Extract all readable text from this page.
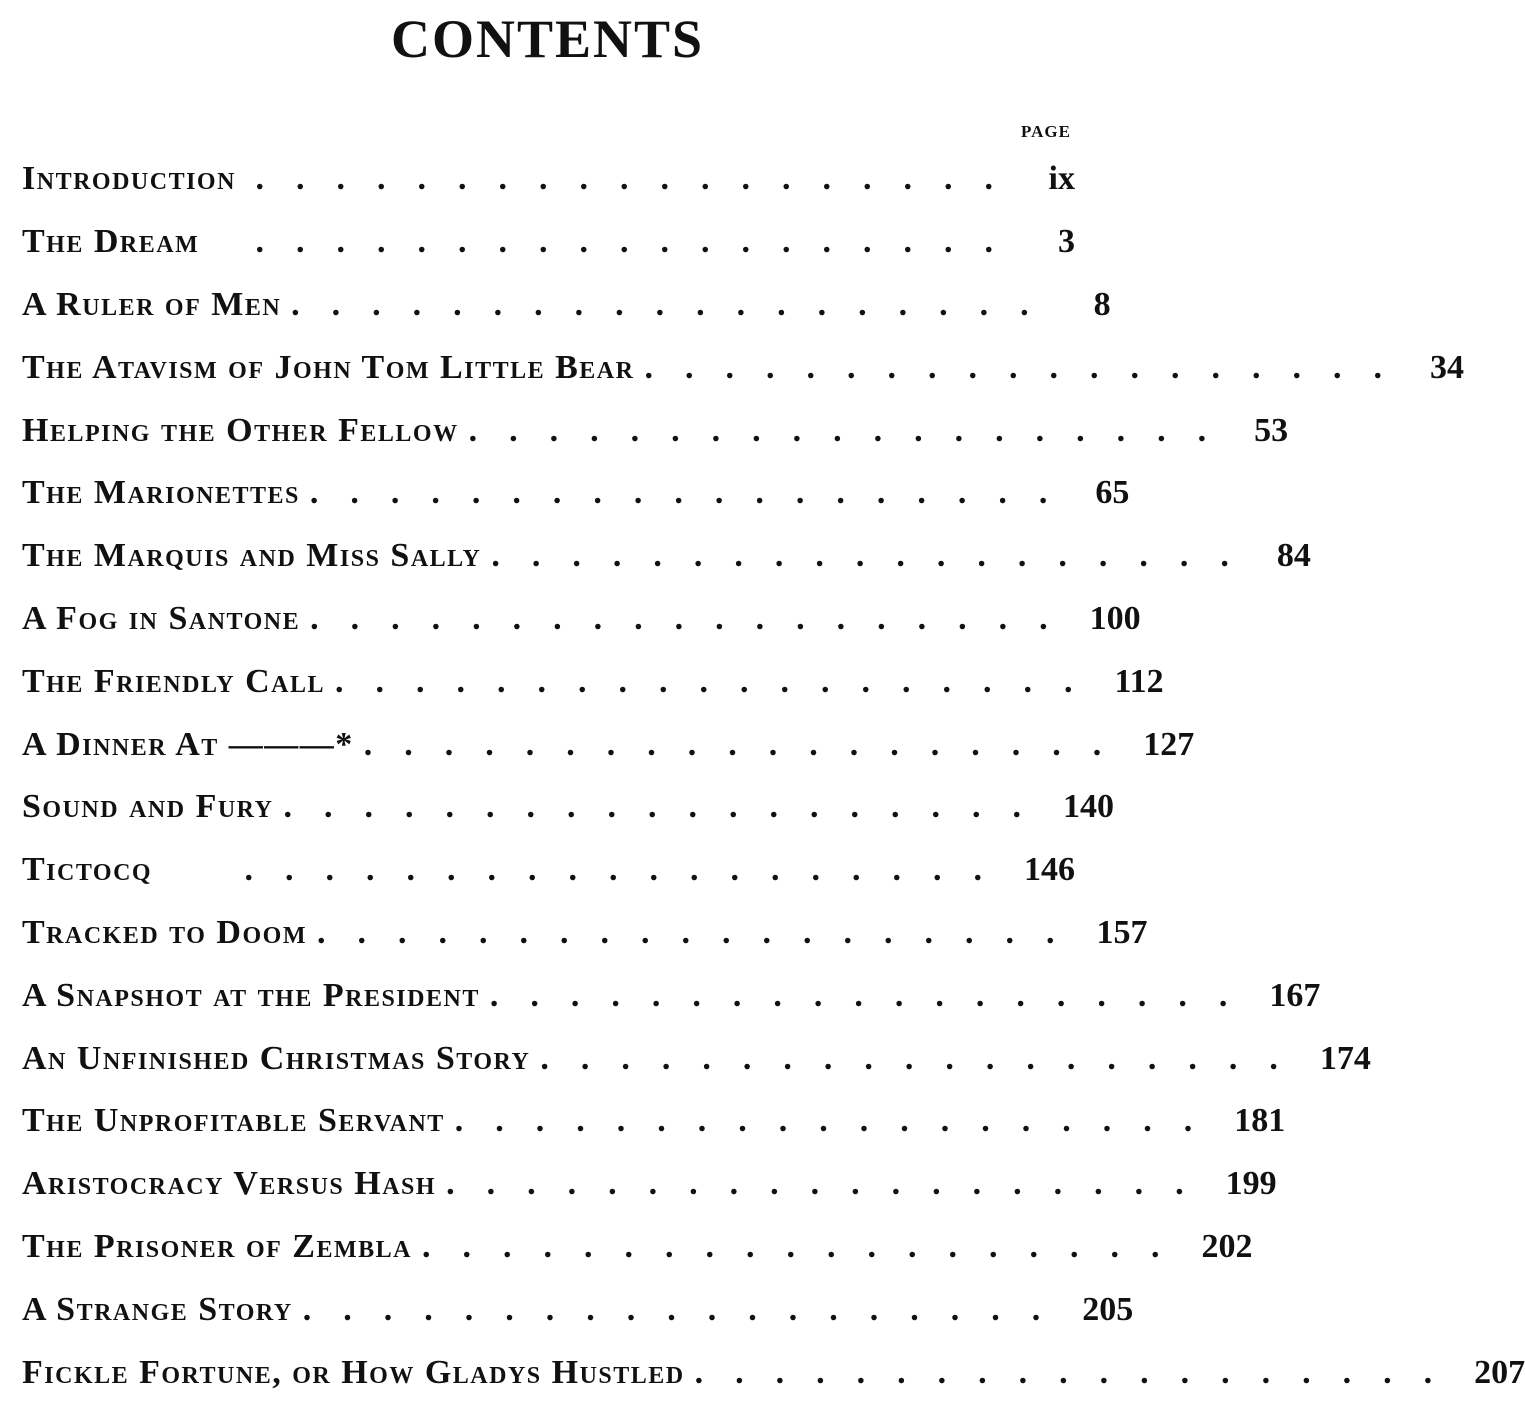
CONTENTS
PAGE
Introduction ................... ix
The Dream	................... 3
A Ruler of Men ................... 8
The Atavism of John Tom Little Bear ................... 34
Helping the Other Fellow ................... 53
The Marionettes ................... 65
The Marquis and Miss Sally ................... 84
A Fog in Santone ................... 100
The Friendly Call ................... 112
A Dinner At ———* ................... 127
Sound and Fury ................... 140
Tictocq	................... 146
Tracked to Doom ................... 157
A Snapshot at the President ................... 167
An Unfinished Christmas Story ................... 174
The Unprofitable Servant ................... 181
Aristocracy Versus Hash ................... 199
The Prisoner of Zembla ................... 202
A Strange Story ................... 205
Fickle Fortune, or How Gladys Hustled ................... 207
